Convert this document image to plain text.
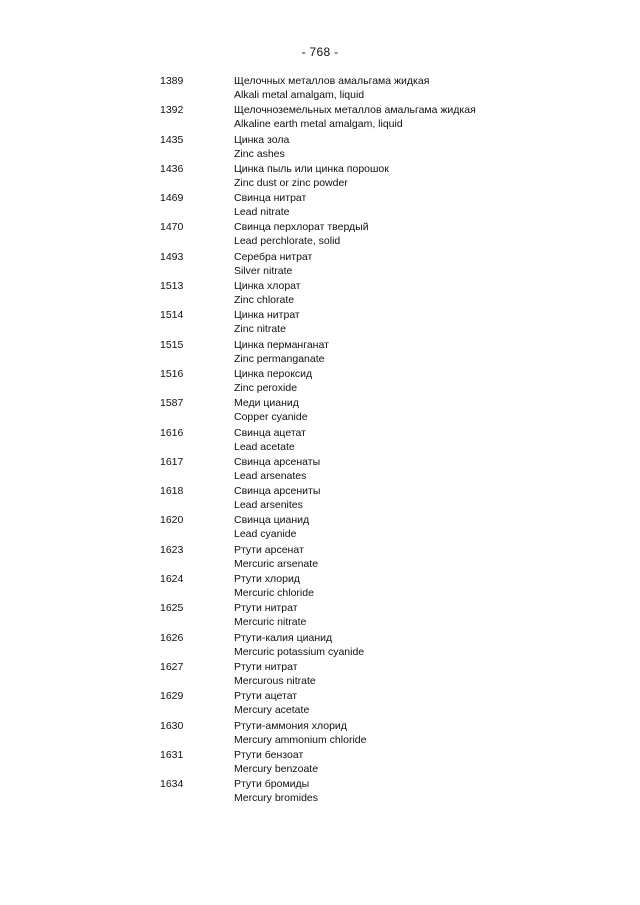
- 768 -
1389	Щелочных металлов амальгама жидкая
Alkali metal amalgam, liquid
1392	Щелочноземельных металлов амальгама жидкая
Alkaline earth metal amalgam, liquid
1435	Цинка зола
Zinc ashes
1436	Цинка пыль или цинка порошок
Zinc dust or zinc powder
1469	Свинца нитрат
Lead nitrate
1470	Свинца перхлорат твердый
Lead perchlorate, solid
1493	Серебра нитрат
Silver nitrate
1513	Цинка хлорат
Zinc chlorate
1514	Цинка нитрат
Zinc nitrate
1515	Цинка перманганат
Zinc permanganate
1516	Цинка пероксид
Zinc peroxide
1587	Меди цианид
Copper cyanide
1616	Свинца ацетат
Lead acetate
1617	Свинца арсенаты
Lead arsenates
1618	Свинца арсениты
Lead arsenites
1620	Свинца цианид
Lead cyanide
1623	Ртути арсенат
Mercuric arsenate
1624	Ртути хлорид
Mercuric chloride
1625	Ртути нитрат
Mercuric nitrate
1626	Ртути-калия цианид
Mercuric potassium cyanide
1627	Ртути нитрат
Mercurous nitrate
1629	Ртути ацетат
Mercury acetate
1630	Ртути-аммония хлорид
Mercury ammonium chloride
1631	Ртути бензоат
Mercury benzoate
1634	Ртути бромиды
Mercury bromides
